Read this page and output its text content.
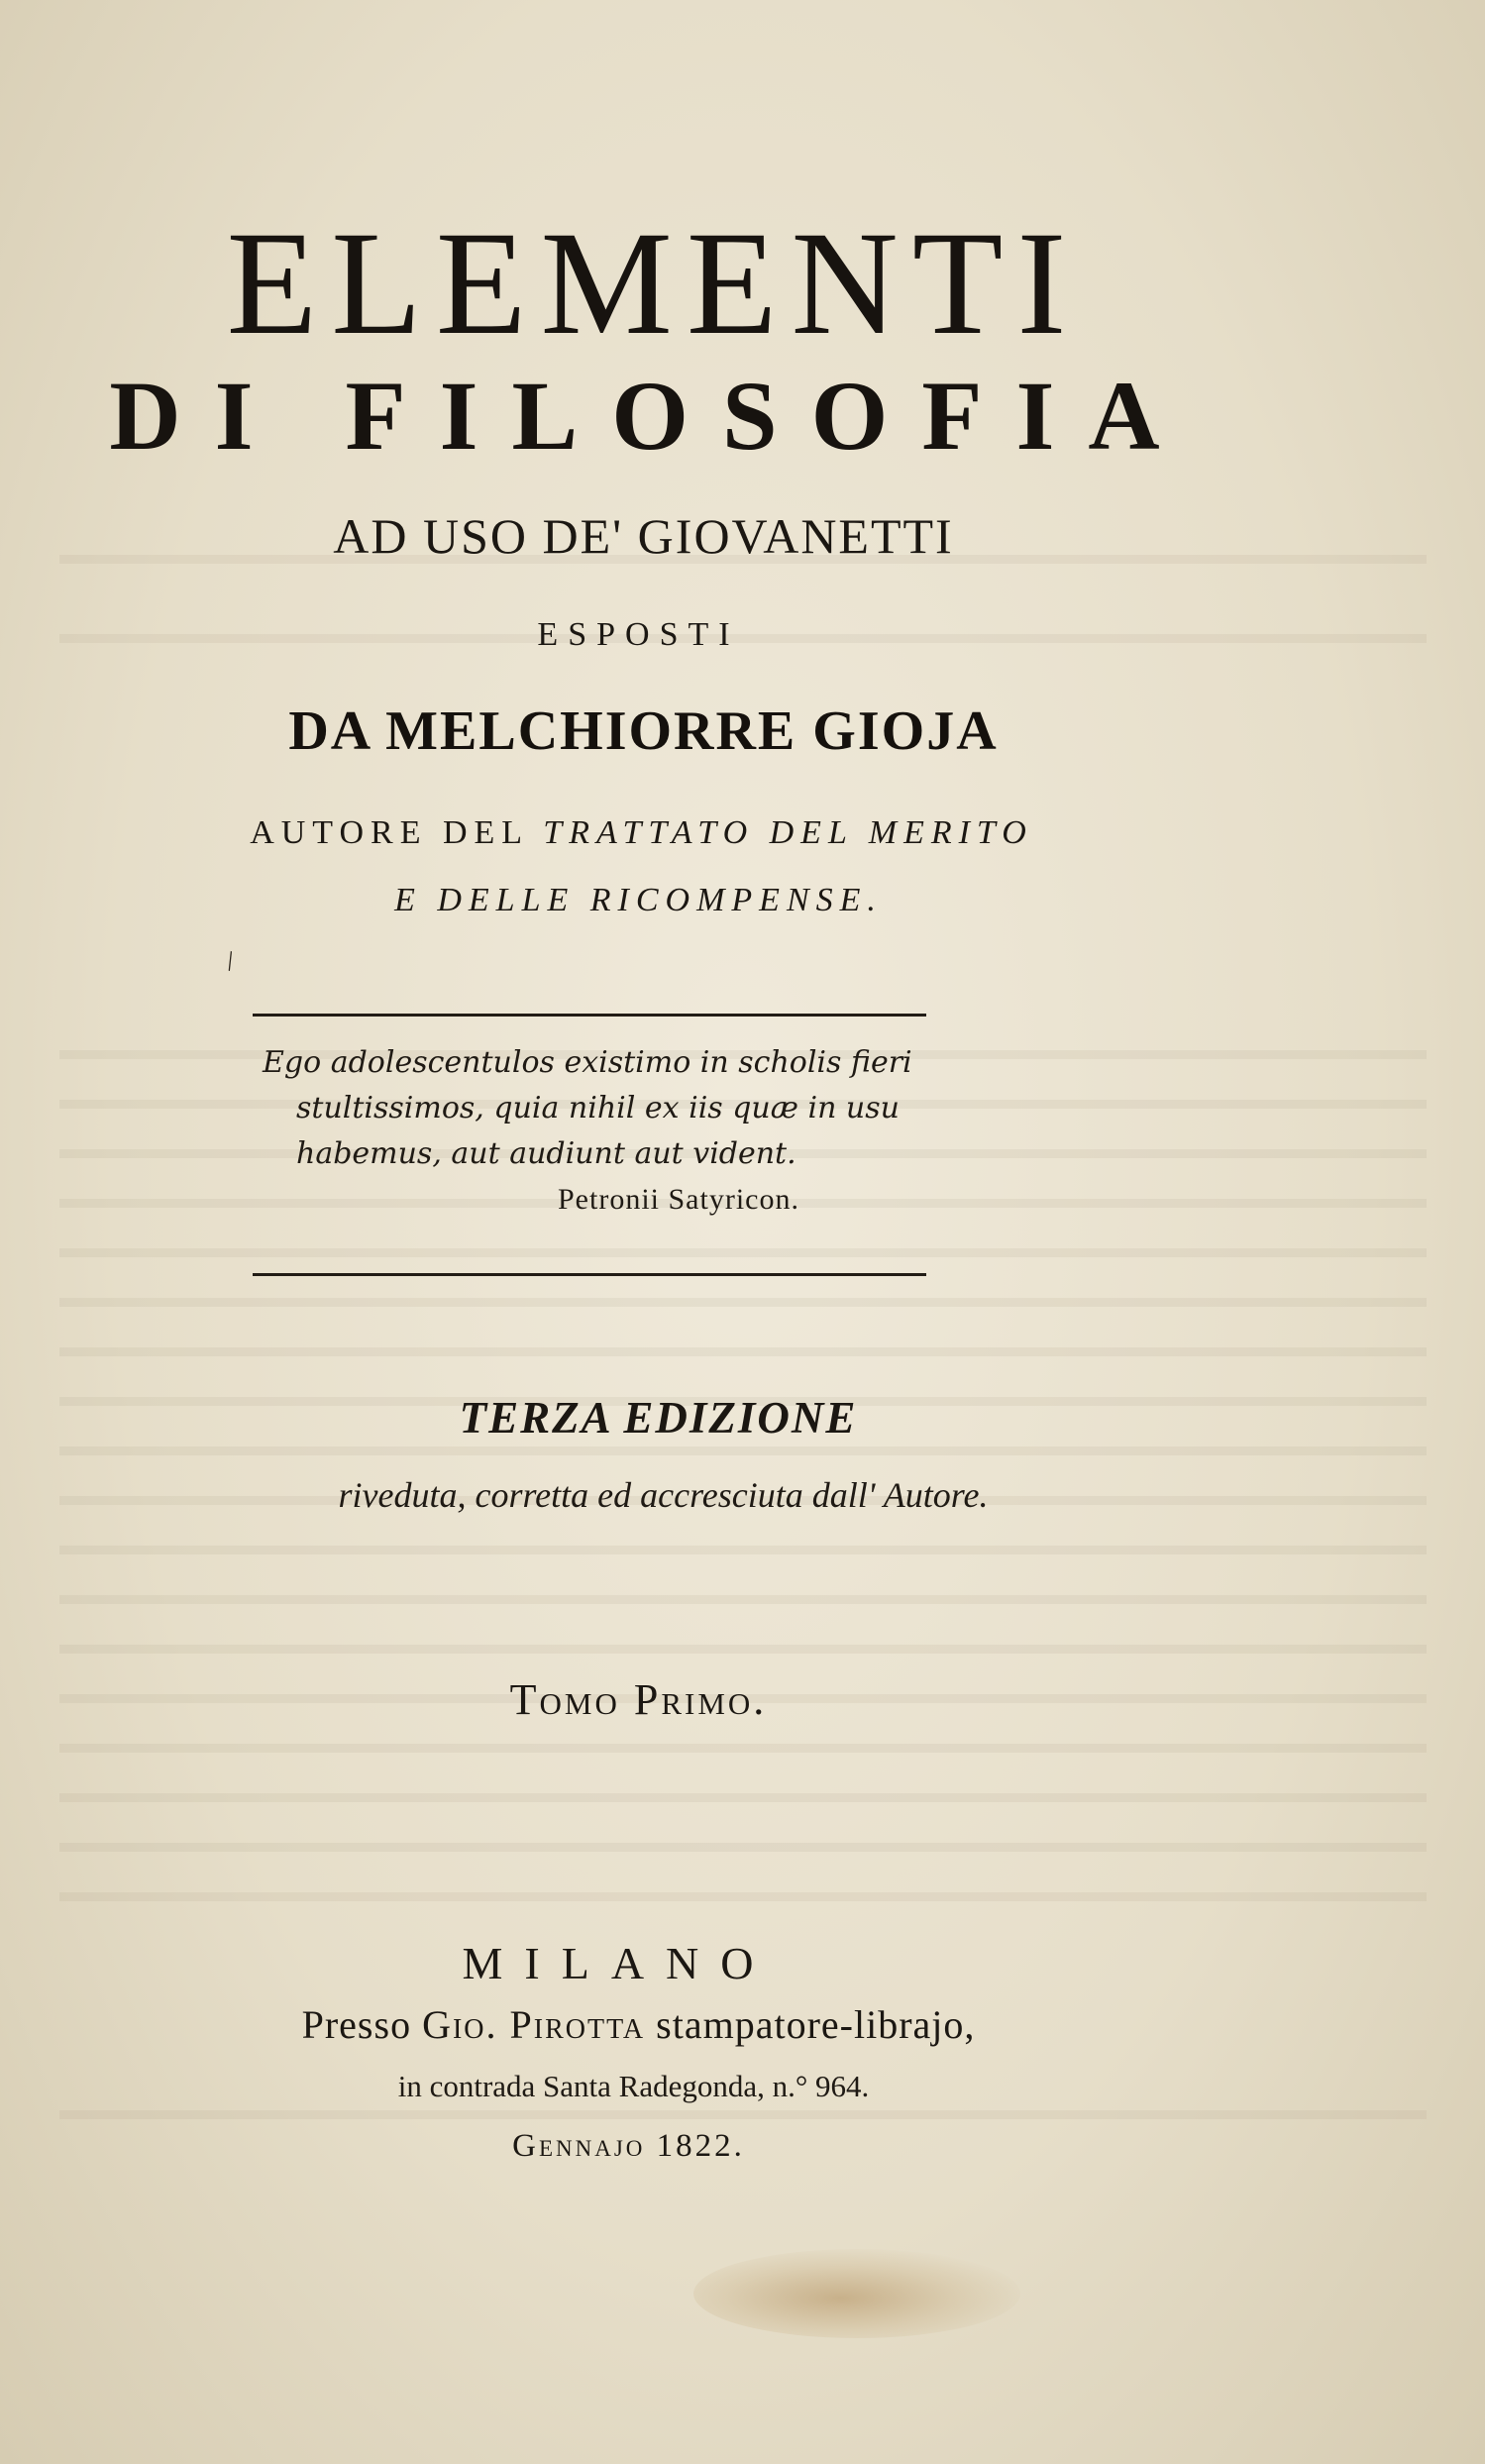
ELEMENTI
DI FILOSOFIA
AD USO DE' GIOVANETTI
ESPOSTI
DA MELCHIORRE GIOJA
AUTORE DEL TRATTATO DEL MERITO
E DELLE RICOMPENSE.
\
Ego adolescentulos existimo in scholis fieri
stultissimos, quia nihil ex iis quæ in usu
habemus, aut audiunt aut vident.
Petronii Satyricon.
TERZA EDIZIONE
riveduta, corretta ed accresciuta dall' Autore.
Tomo Primo.
MILANO
Presso Gio. Pirotta stampatore-librajo,
in contrada Santa Radegonda, n.° 964.
Gennajo 1822.
